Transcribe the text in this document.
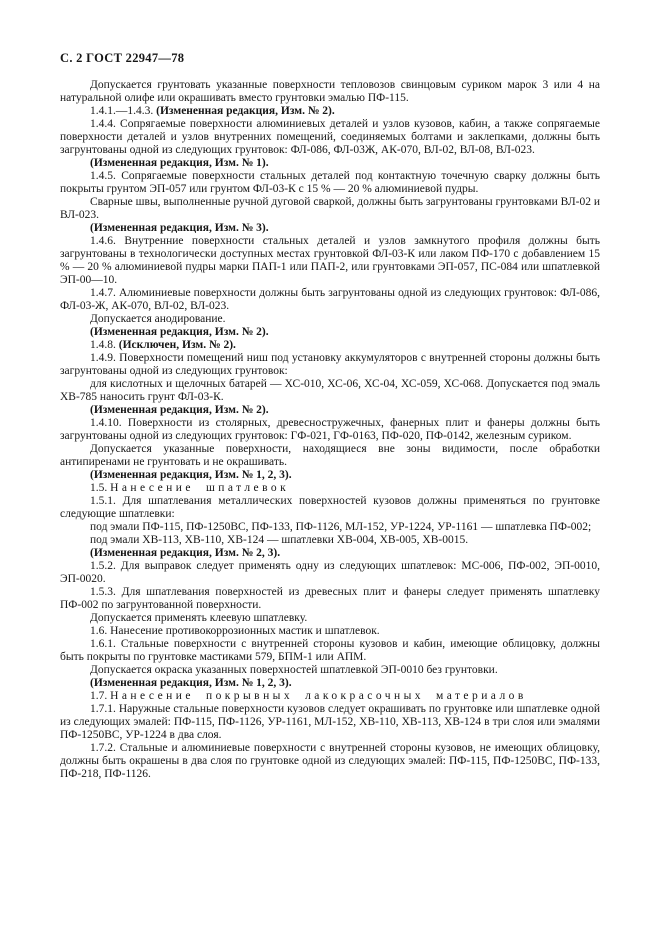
С. 2 ГОСТ 22947—78

Допускается грунтовать указанные поверхности тепловозов свинцовым суриком марок 3 или 4 на натуральной олифе или окрашивать вместо грунтовки эмалью ПФ-115.

1.4.1.—1.4.3. (Измененная редакция, Изм. № 2).

1.4.4. Сопрягаемые поверхности алюминиевых деталей и узлов кузовов, кабин, а также сопрягаемые поверхности деталей и узлов внутренних помещений, соединяемых болтами и заклепками, должны быть загрунтованы одной из следующих грунтовок: ФЛ-086, ФЛ-03Ж, АК-070, ВЛ-02, ВЛ-08, ВЛ-023.

(Измененная редакция, Изм. № 1).

1.4.5. Сопрягаемые поверхности стальных деталей под контактную точечную сварку должны быть покрыты грунтом ЭП-057 или грунтом ФЛ-03-К с 15 % — 20 % алюминиевой пудры.

Сварные швы, выполненные ручной дуговой сваркой, должны быть загрунтованы грунтовками ВЛ-02 и ВЛ-023.

(Измененная редакция, Изм. № 3).

1.4.6. Внутренние поверхности стальных деталей и узлов замкнутого профиля должны быть загрунтованы в технологически доступных местах грунтовкой ФЛ-03-К или лаком ПФ-170 с добавлением 15 % — 20 % алюминиевой пудры марки ПАП-1 или ПАП-2, или грунтовками ЭП-057, ПС-084 или шпатлевкой ЭП-00—10.

1.4.7. Алюминиевые поверхности должны быть загрунтованы одной из следующих грунтовок: ФЛ-086, ФЛ-03-Ж, АК-070, ВЛ-02, ВЛ-023.

Допускается анодирование.

(Измененная редакция, Изм. № 2).

1.4.8. (Исключен, Изм. № 2).

1.4.9. Поверхности помещений ниш под установку аккумуляторов с внутренней стороны должны быть загрунтованы одной из следующих грунтовок:

для кислотных и щелочных батарей — ХС-010, ХС-06, ХС-04, ХС-059, ХС-068. Допускается под эмаль ХВ-785 наносить грунт ФЛ-03-К.

(Измененная редакция, Изм. № 2).

1.4.10. Поверхности из столярных, древесностружечных, фанерных плит и фанеры должны быть загрунтованы одной из следующих грунтовок: ГФ-021, ГФ-0163, ПФ-020, ПФ-0142, железным суриком.

Допускается указанные поверхности, находящиеся вне зоны видимости, после обработки антипиренами не грунтовать и не окрашивать.

(Измененная редакция, Изм. № 1, 2, 3).

1.5. Нанесение шпатлевок

1.5.1. Для шпатлевания металлических поверхностей кузовов должны применяться по грунтовке следующие шпатлевки:

под эмали ПФ-115, ПФ-1250ВС, ПФ-133, ПФ-1126, МЛ-152, УР-1224, УР-1161 — шпатлевка ПФ-002;

под эмали ХВ-113, ХВ-110, ХВ-124 — шпатлевки ХВ-004, ХВ-005, ХВ-0015.

(Измененная редакция, Изм. № 2, 3).

1.5.2. Для выправок следует применять одну из следующих шпатлевок: МС-006, ПФ-002, ЭП-0010, ЭП-0020.

1.5.3. Для шпатлевания поверхностей из древесных плит и фанеры следует применять шпатлевку ПФ-002 по загрунтованной поверхности.

Допускается применять клеевую шпатлевку.

1.6. Нанесение противокоррозионных мастик и шпатлевок.

1.6.1. Стальные поверхности с внутренней стороны кузовов и кабин, имеющие облицовку, должны быть покрыты по грунтовке мастиками 579, БПМ-1 или АПМ.

Допускается окраска указанных поверхностей шпатлевкой ЭП-0010 без грунтовки.

(Измененная редакция, Изм. № 1, 2, 3).

1.7. Нанесение покрывных лакокрасочных материалов

1.7.1. Наружные стальные поверхности кузовов следует окрашивать по грунтовке или шпатлевке одной из следующих эмалей: ПФ-115, ПФ-1126, УР-1161, МЛ-152, ХВ-110, ХВ-113, ХВ-124 в три слоя или эмалями ПФ-1250ВС, УР-1224 в два слоя.

1.7.2. Стальные и алюминиевые поверхности с внутренней стороны кузовов, не имеющих облицовку, должны быть окрашены в два слоя по грунтовке одной из следующих эмалей: ПФ-115, ПФ-1250ВС, ПФ-133, ПФ-218, ПФ-1126.
